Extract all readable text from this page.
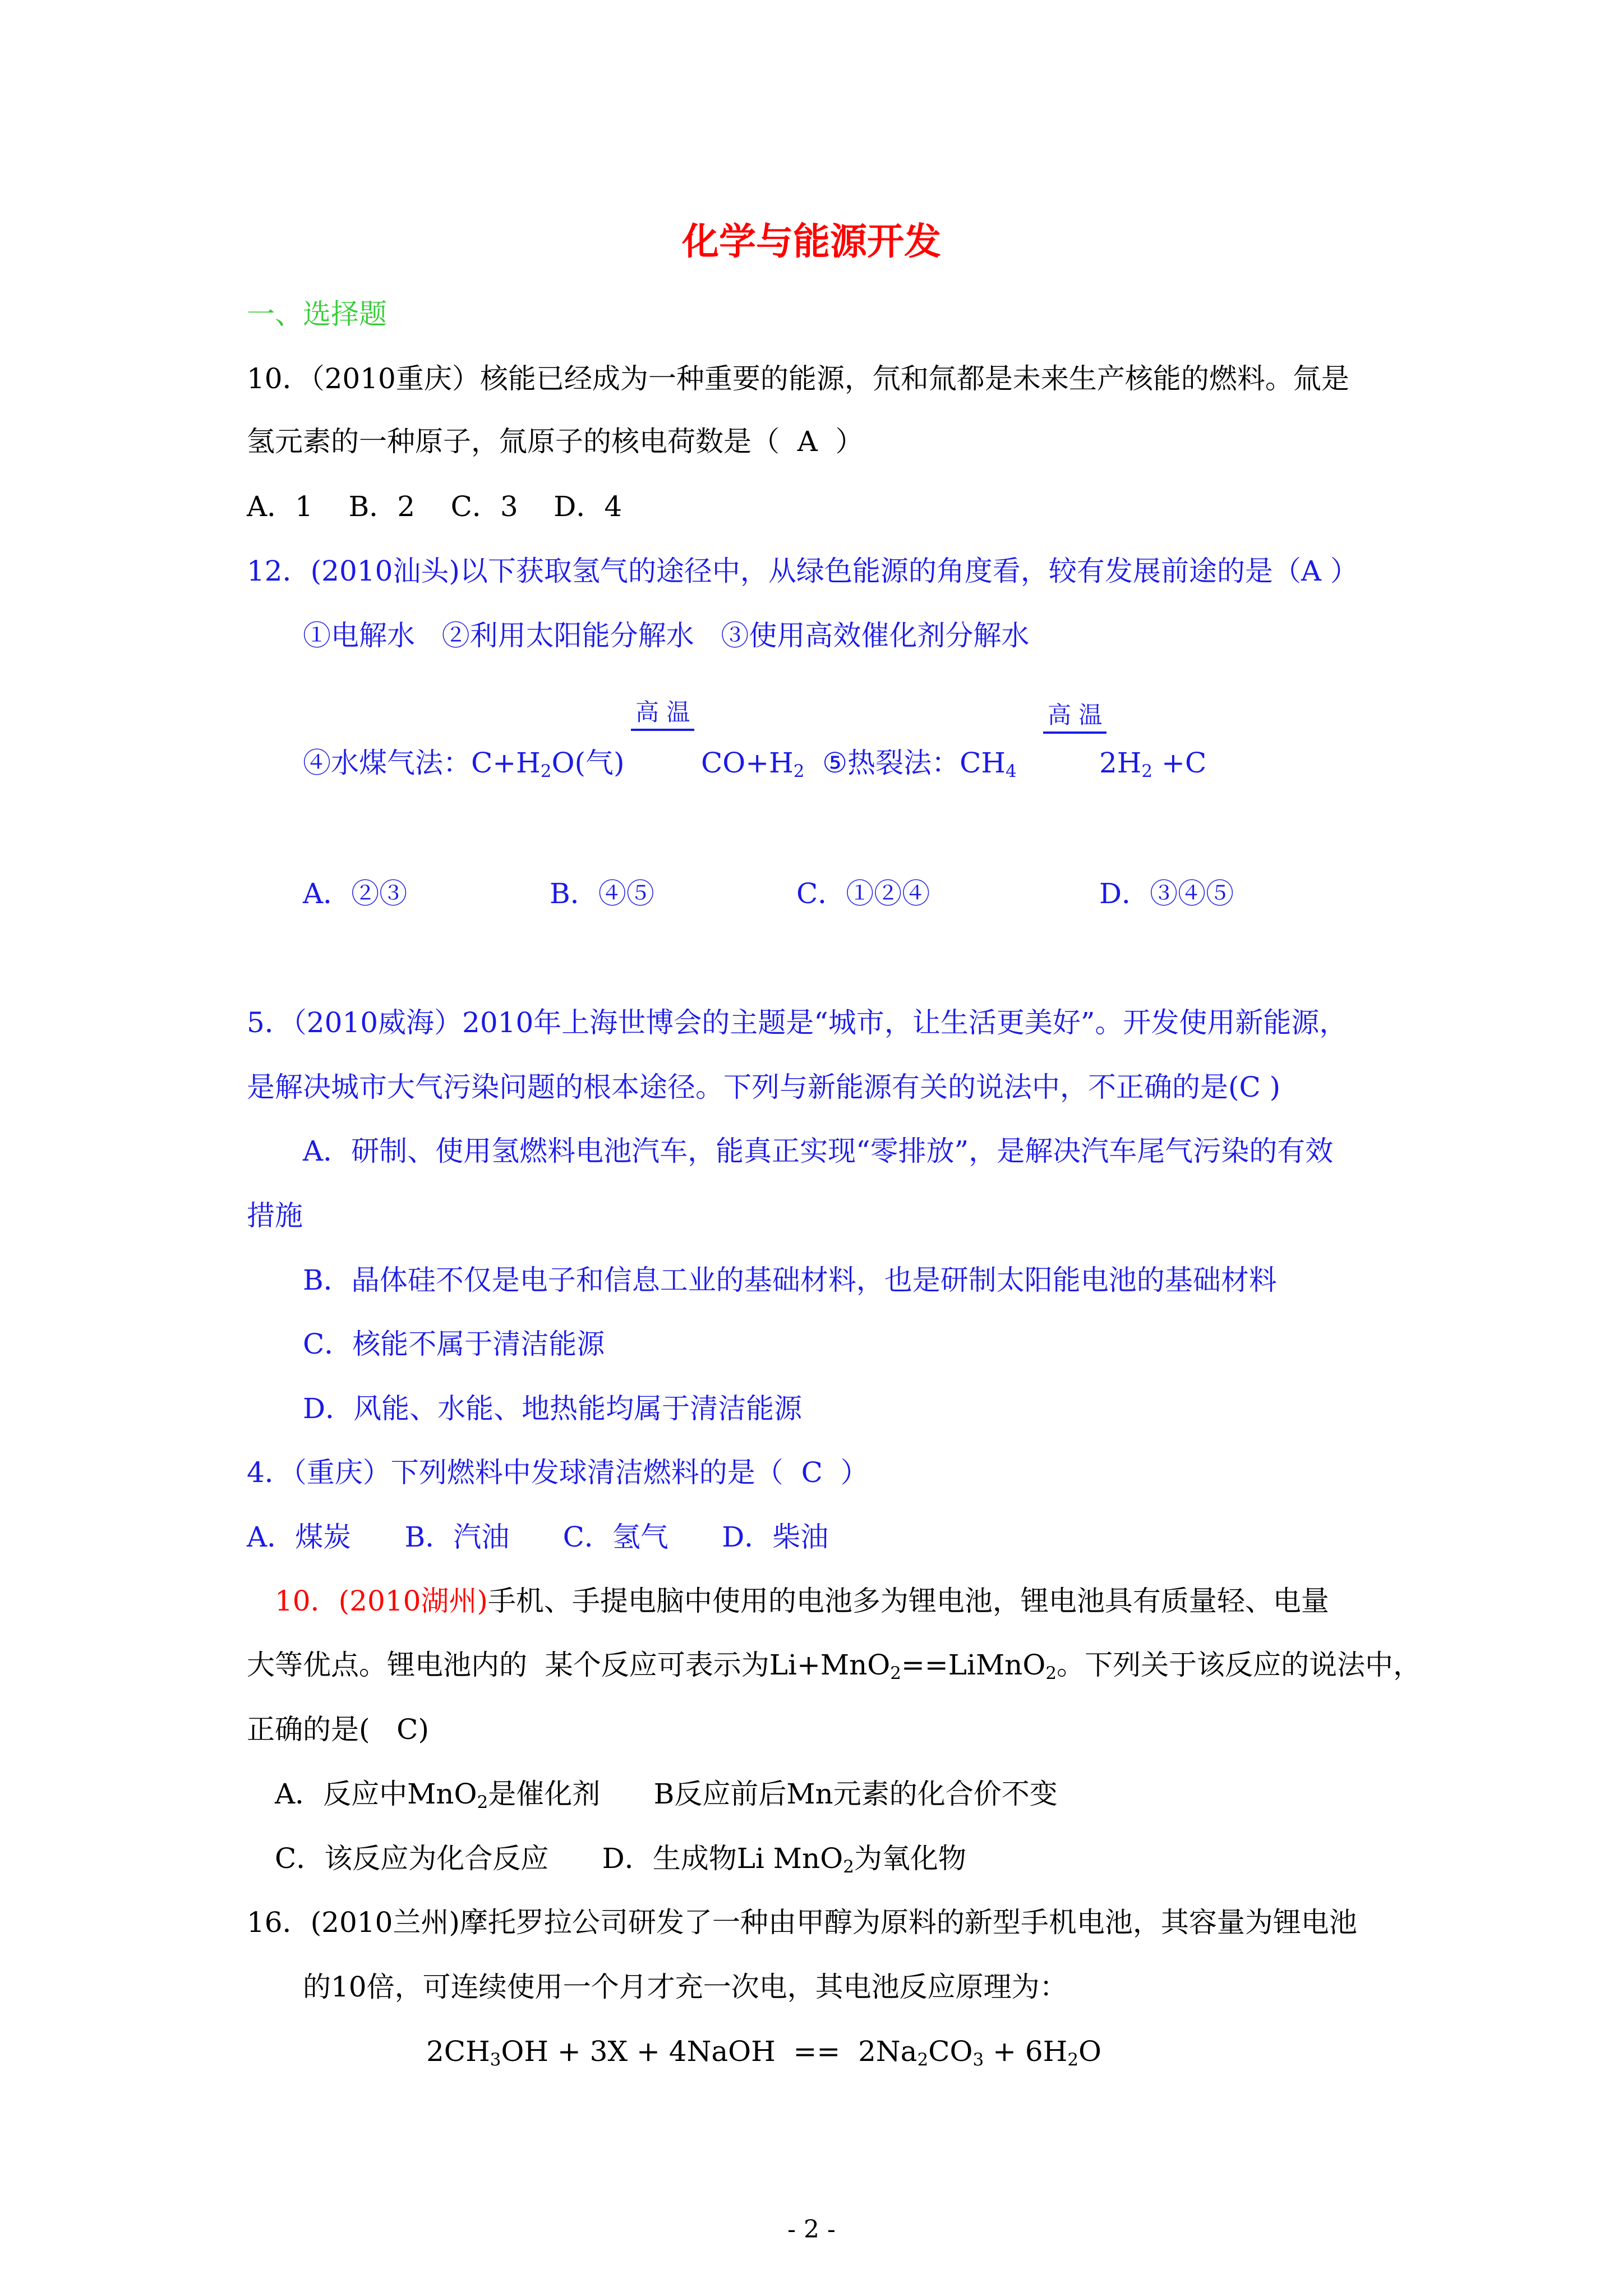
化学与能源开发
一、选择题
10．（2010重庆）核能已经成为一种重要的能源，氘和氚都是未来生产核能的燃料。氚是
氢元素的一种原子，氚原子的核电荷数是（  A  ）
A．1    B．2    C．3    D．4
12．(2010汕头)以下获取氢气的途径中，从绿色能源的角度看，较有发展前途的是（A ）
①电解水   ②利用太阳能分解水   ③使用高效催化剂分解水
高 温	高 温
④水煤气法：$C+H_2O$(气)	$CO+H_2$  ⑤热裂法：$CH_4$	$2H_2 +C$
A．②③	B．④⑤	C．①②④	D．③④⑤
5．（2010威海）2010年上海世博会的主题是“城市，让生活更美好”。开发使用新能源，
是解决城市大气污染问题的根本途径。下列与新能源有关的说法中，不正确的是(C )
A．研制、使用氢燃料电池汽车，能真正实现“零排放”，是解决汽车尾气污染的有效
措施
B．晶体硅不仅是电子和信息工业的基础材料，也是研制太阳能电池的基础材料
C．核能不属于清洁能源
D．风能、水能、地热能均属于清洁能源
4．（重庆）下列燃料中发球清洁燃料的是（  C  ）
A．煤炭      B．汽油      C．氢气      D．柴油
10．(2010湖州)手机、手提电脑中使用的电池多为锂电池，锂电池具有质量轻、电量
大等优点。锂电池内的  某个反应可表示为Li+MnO$_2$==LiMnO$_2$。下列关于该反应的说法中，
正确的是(   C)
A．反应中MnO$_2$是催化剂      B反应前后Mn元素的化合价不变
C．该反应为化合反应      D．生成物Li MnO$_2$为氧化物
16．(2010兰州)摩托罗拉公司研发了一种由甲醇为原料的新型手机电池，其容量为锂电池
的10倍，可连续使用一个月才充一次电，其电池反应原理为：
$2CH_3OH + 3X$ + 4NaOH  ==  $2Na_2CO_3 + 6H_2O$
- 2 -
